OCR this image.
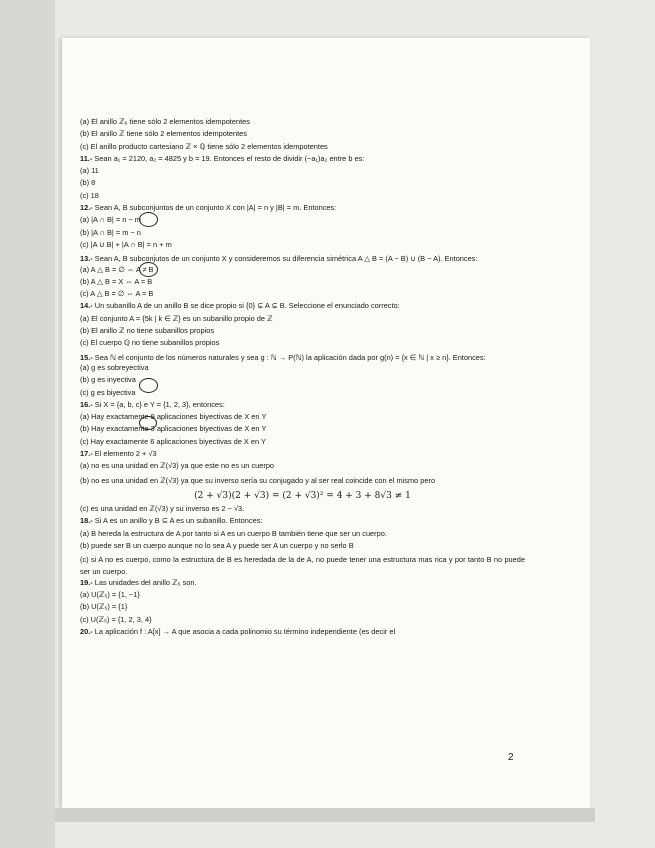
(a) El anillo ℤ₆ tiene sólo 2 elementos idempotentes
(b) El anillo ℤ tiene sólo 2 elementos idempotentes
(c) El anillo producto cartesiano ℤ × ℚ tiene sólo 2 elementos idempotentes
11.- Sean a₁ = 2120, a₂ = 4825 y b = 19. Entonces el resto de dividir (−a₁)a₂ entre b es:
(a) 11
(b) 8
(c) 18
12.- Sean A, B subconjuntos de un conjunto X con |A| = n y |B| = m. Entonces:
(a) |A ∩ B| = n − m
(b) |A ∩ B| = m − n
(c) |A ∪ B| + |A ∩ B| = n + m
13.- Sean A, B subconjutos de un conjunto X y consideremos su diferencia simétrica A △ B = (A − B) ∪ (B − A). Entonces:
(a) A △ B = ∅ ⇔ A ≠ B
(b) A △ B = X ⇔ A = B
(c) A △ B = ∅ ⇔ A = B
14.- Un subanillo A de un anillo B se dice propio si {0} ⊊ A ⊊ B. Seleccione el enunciado correcto:
(a) El conjunto A = {5k | k ∈ ℤ} es un subanillo propio de ℤ
(b) El anillo ℤ no tiene subanillos propios
(c) El cuerpo ℚ no tiene subanillos propios
15.- Sea ℕ el conjunto de los números naturales y sea g : ℕ → P(ℕ) la aplicación dada por g(n) = {x ∈ ℕ | x ≥ n}. Entonces:
(a) g es sobreyectiva
(b) g es inyectiva
(c) g es biyectiva
16.- Si X = {a, b, c} e Y = {1, 2, 3}, entonces:
(a) Hay exactamente 9 aplicaciones biyectivas de X en Y
(b) Hay exactamente 3 aplicaciones biyectivas de X en Y
(c) Hay exactamente 6 aplicaciones biyectivas de X en Y
17.- El elemento 2 + √3
(a) no es una unidad en ℤ(√3) ya que este no es un cuerpo
(b) no es una unidad en ℤ(√3) ya que su inverso sería su conjugado y al ser real coincide con el mismo pero
(2 + √3)(2 + √3) = (2 + √3)² = 4 + 3 + 8√3 ≠ 1
(c) es una unidad en ℤ(√3) y su inverso es 2 − √3.
18.- Si A es un anillo y B ⊆ A es un subanillo. Entonces:
(a) B hereda la estructura de A por tanto si A es un cuerpo B también tiene que ser un cuerpo.
(b) puede ser B un cuerpo aunque no lo sea A y puede ser A un cuerpo y no serlo B
(c) si A no es cuerpo, como la estructura de B es heredada de la de A, no puede tener una estructura mas rica y por tanto B no puede ser un cuerpo.
19.- Las unidades del anillo ℤ₅ son.
(a) U(ℤ₅) = {1, −1}
(b) U(ℤ₅) = {1}
(c) U(ℤ₅) = {1, 2, 3, 4}
20.- La aplicación f : A[x] → A que asocia a cada polinomio su término independiente (es decir el
2
